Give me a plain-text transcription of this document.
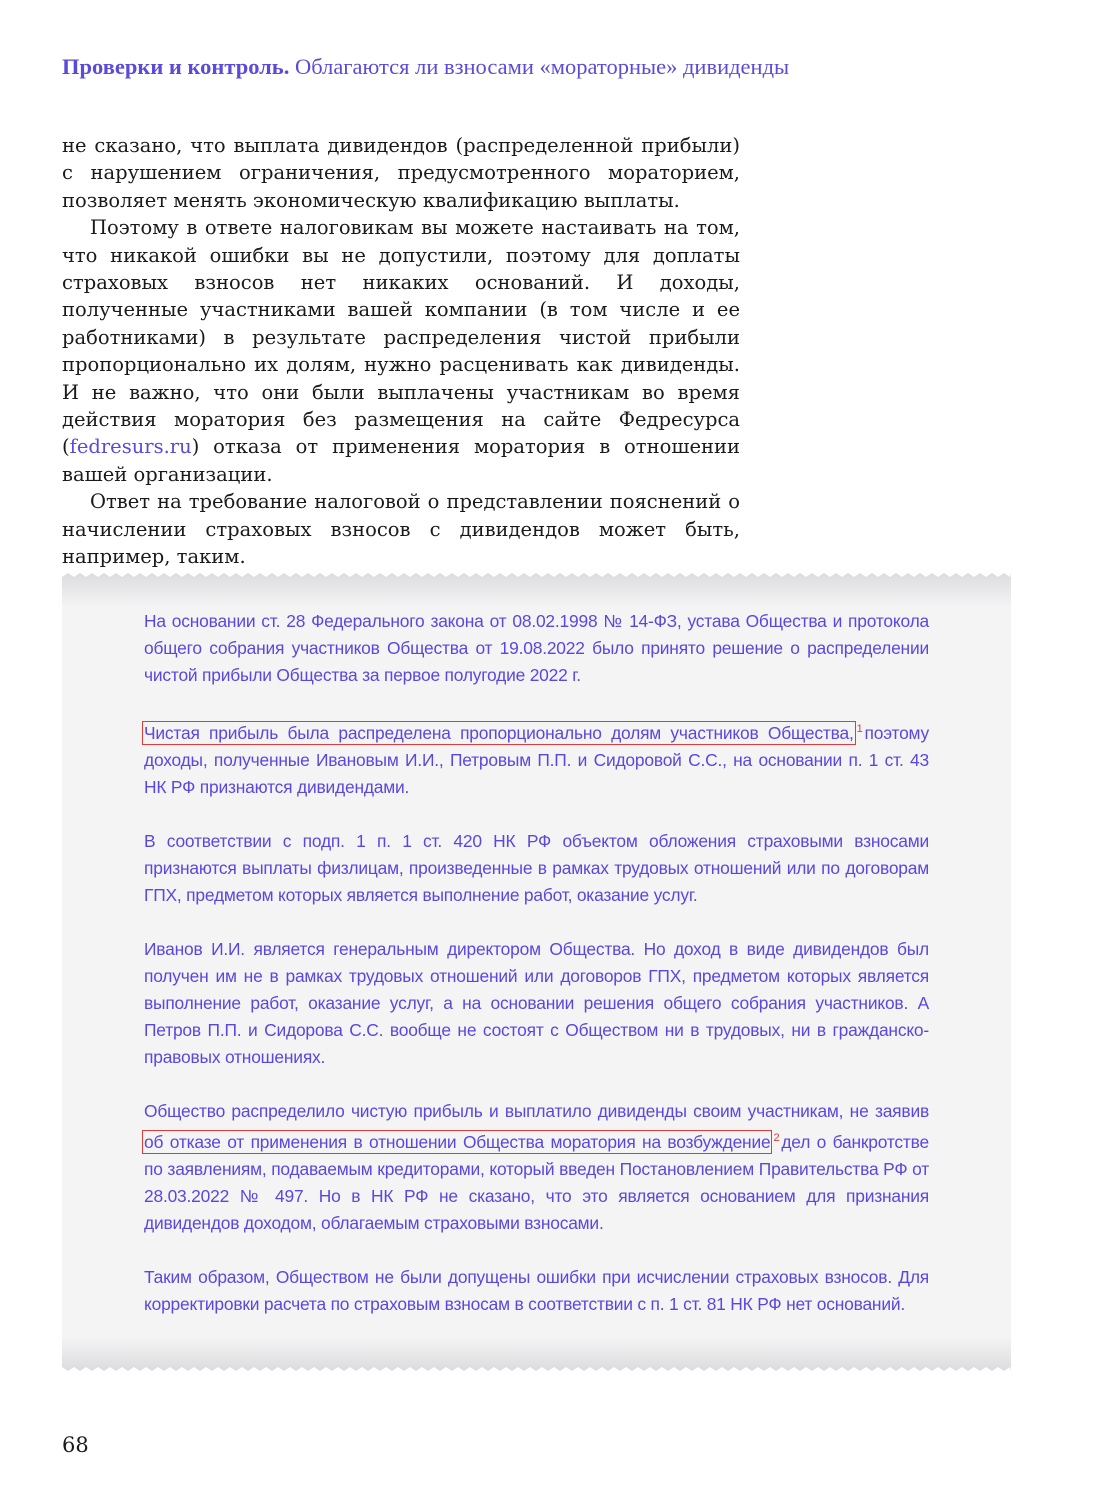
Проверки и контроль. Облагаются ли взносами «мораторные» дивиденды

не сказано, что выплата дивидендов (распределенной прибыли) с нарушением ограничения, предусмотренного мораторием, позволяет менять экономическую квалификацию выплаты.

Поэтому в ответе налоговикам вы можете настаивать на том, что никакой ошибки вы не допустили, поэтому для доплаты страховых взносов нет никаких оснований. И доходы, полученные участниками вашей компании (в том числе и ее работниками) в результате распределения чистой прибыли пропорционально их долям, нужно расценивать как дивиденды. И не важно, что они были выплачены участникам во время действия моратория без размещения на сайте Федресурса (fedresurs.ru) отказа от применения моратория в отношении вашей организации.

Ответ на требование налоговой о представлении пояснений о начислении страховых взносов с дивидендов может быть, например, таким.

На основании ст. 28 Федерального закона от 08.02.1998 № 14-ФЗ, устава Общества и протокола общего собрания участников Общества от 19.08.2022 было принято решение о распределении чистой прибыли Общества за первое полугодие 2022 г.

Чистая прибыль была распределена пропорционально долям участников Общества, $^1$ поэтому доходы, полученные Ивановым И.И., Петровым П.П. и Сидоровой С.С., на основании п. 1 ст. 43 НК РФ признаются дивидендами.

В соответствии с подп. 1 п. 1 ст. 420 НК РФ объектом обложения страховыми взносами признаются выплаты физлицам, произведенные в рамках трудовых отношений или по договорам ГПХ, предметом которых является выполнение работ, оказание услуг.

Иванов И.И. является генеральным директором Общества. Но доход в виде дивидендов был получен им не в рамках трудовых отношений или договоров ГПХ, предметом которых является выполнение работ, оказание услуг, а на основании решения общего собрания участников. А Петров П.П. и Сидорова С.С. вообще не состоят с Обществом ни в трудовых, ни в гражданско-правовых отношениях.

Общество распределило чистую прибыль и выплатило дивиденды своим участникам, не заявив об отказе от применения в отношении Общества моратория на возбуждение $^2$ дел о банкротстве по заявлениям, подаваемым кредиторами, который введен Постановлением Правительства РФ от 28.03.2022 № 497. Но в НК РФ не сказано, что это является основанием для признания дивидендов доходом, облагаемым страховыми взносами.

Таким образом, Обществом не были допущены ошибки при исчислении страховых взносов. Для корректировки расчета по страховым взносам в соответствии с п. 1 ст. 81 НК РФ нет оснований.

68
